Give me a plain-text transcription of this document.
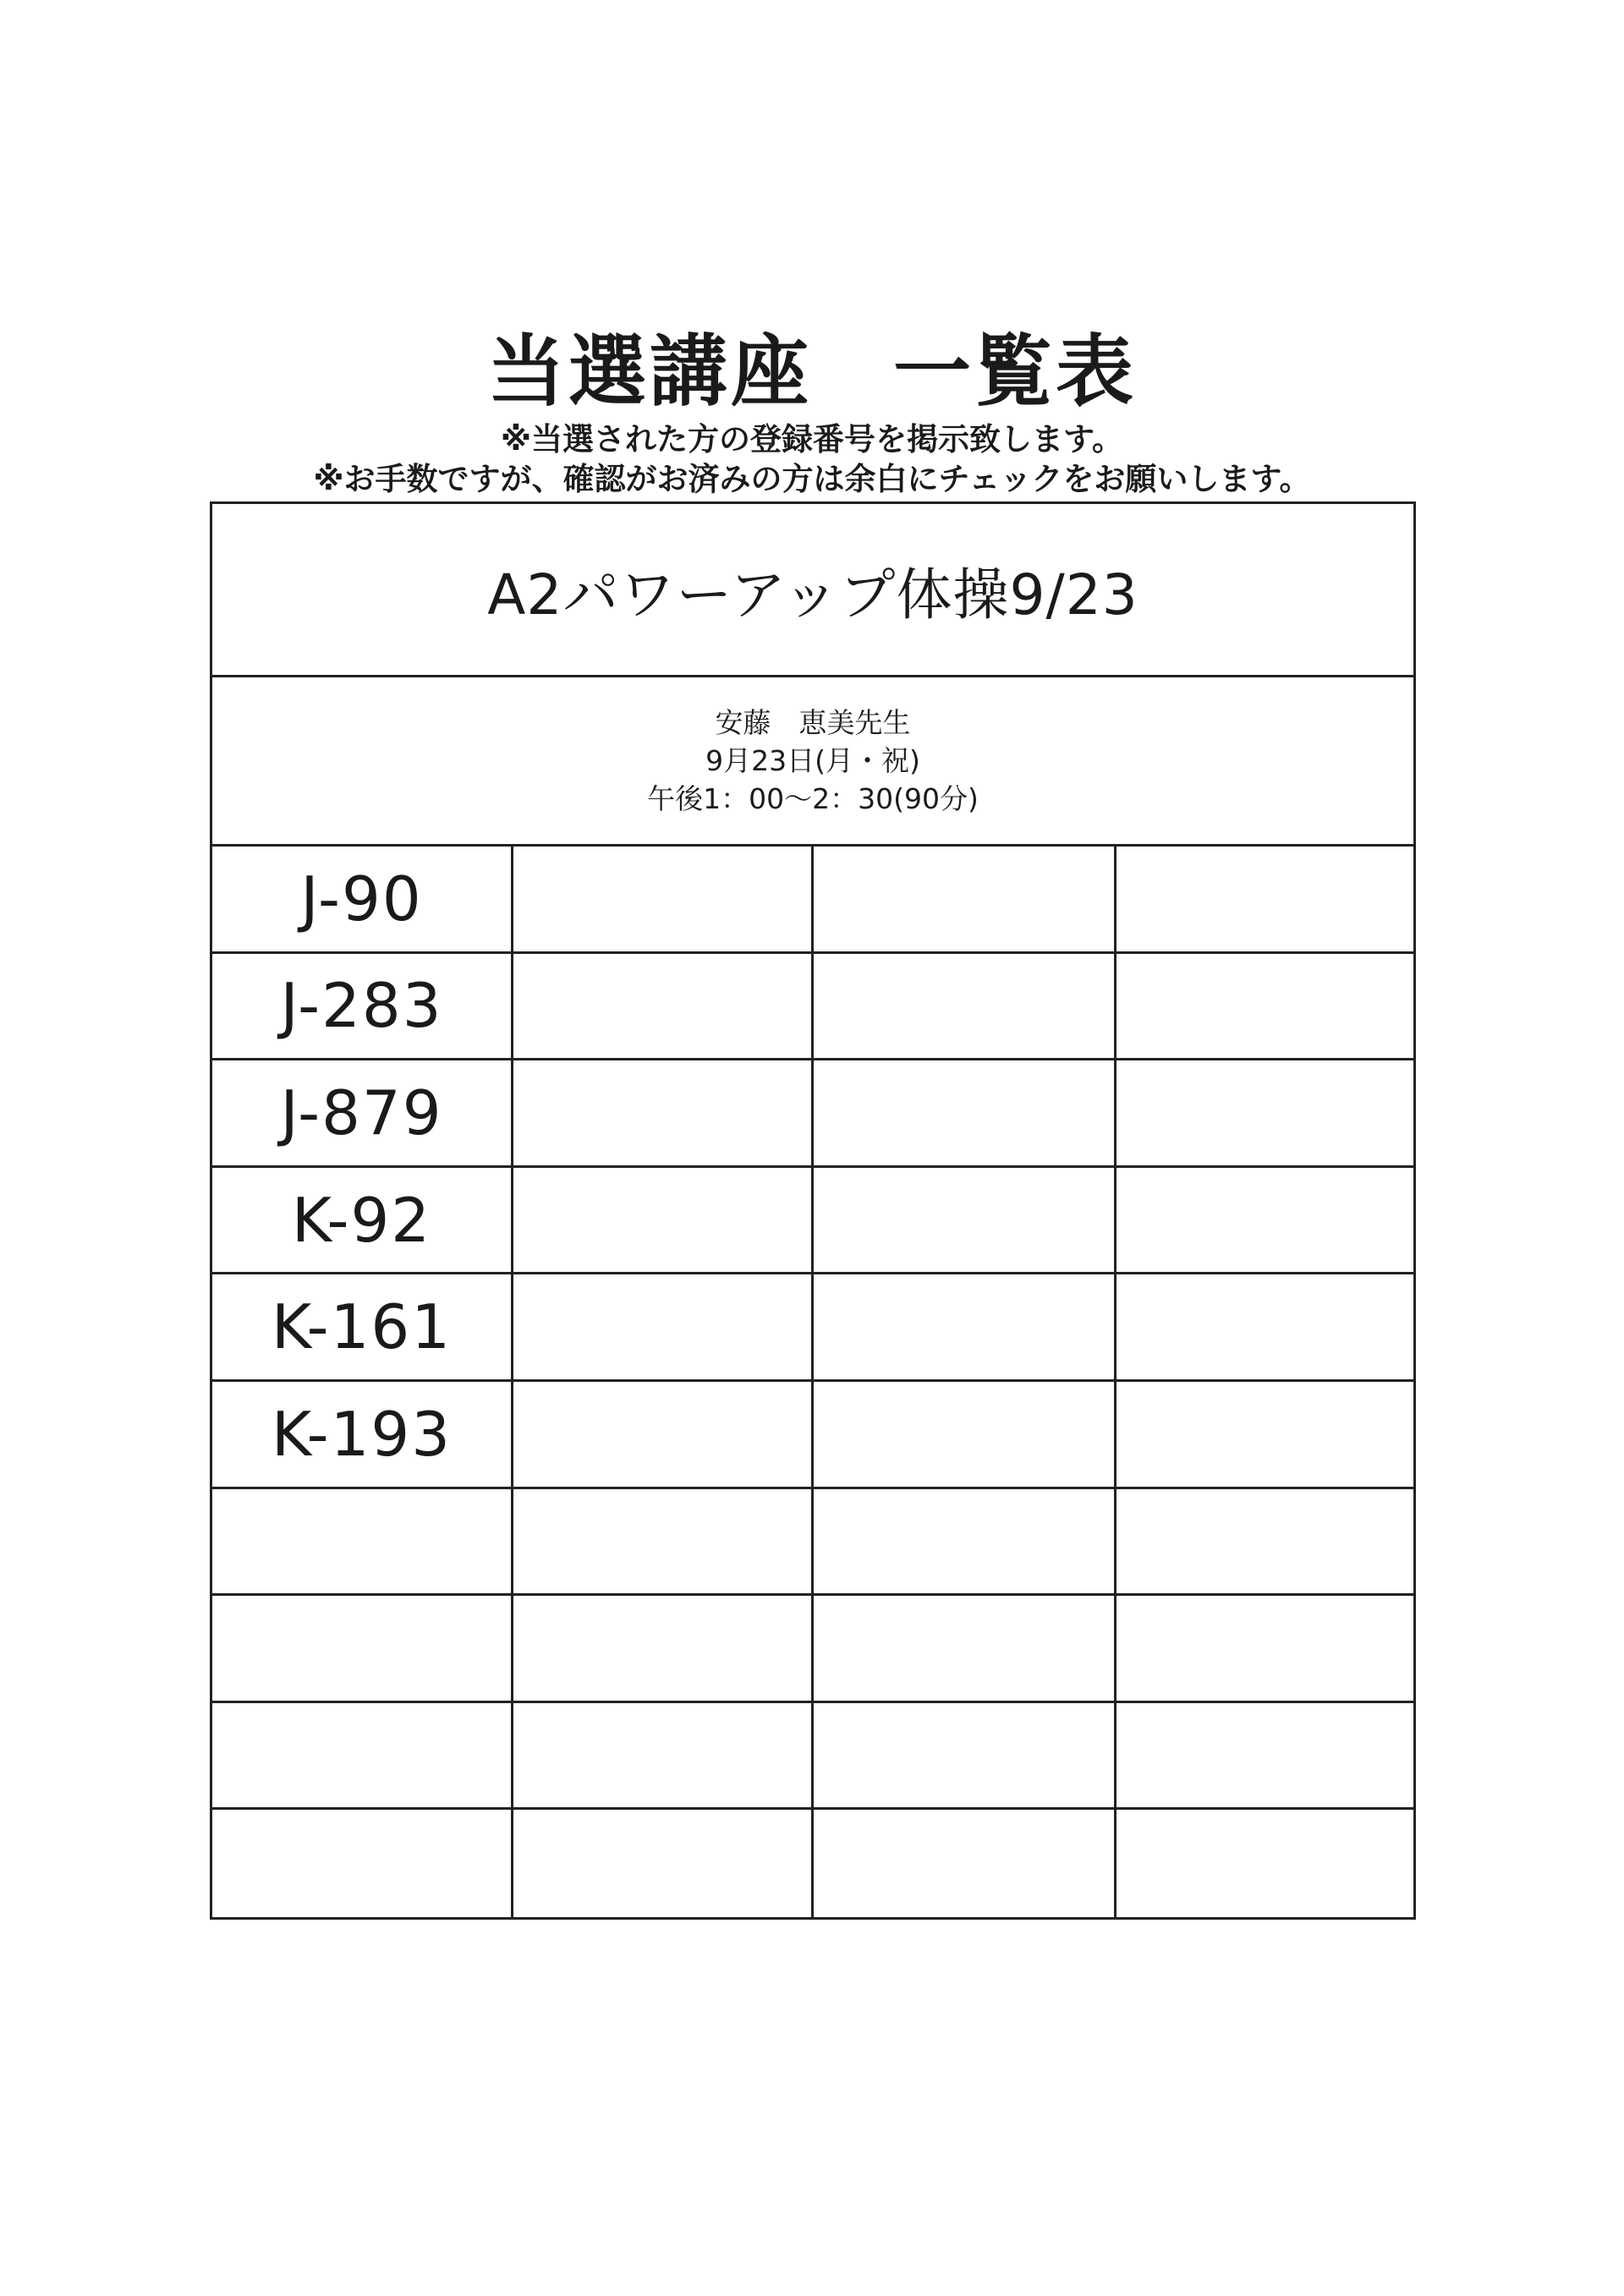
当選講座　一覧表
※当選された方の登録番号を掲示致します。
※お手数ですが、確認がお済みの方は余白にチェックをお願いします。
A2パワーアップ体操9/23
安藤　恵美先生
9月23日(月・祝)
午後1：00～2：30(90分)
J-90
J-283
J-879
K-92
K-161
K-193
